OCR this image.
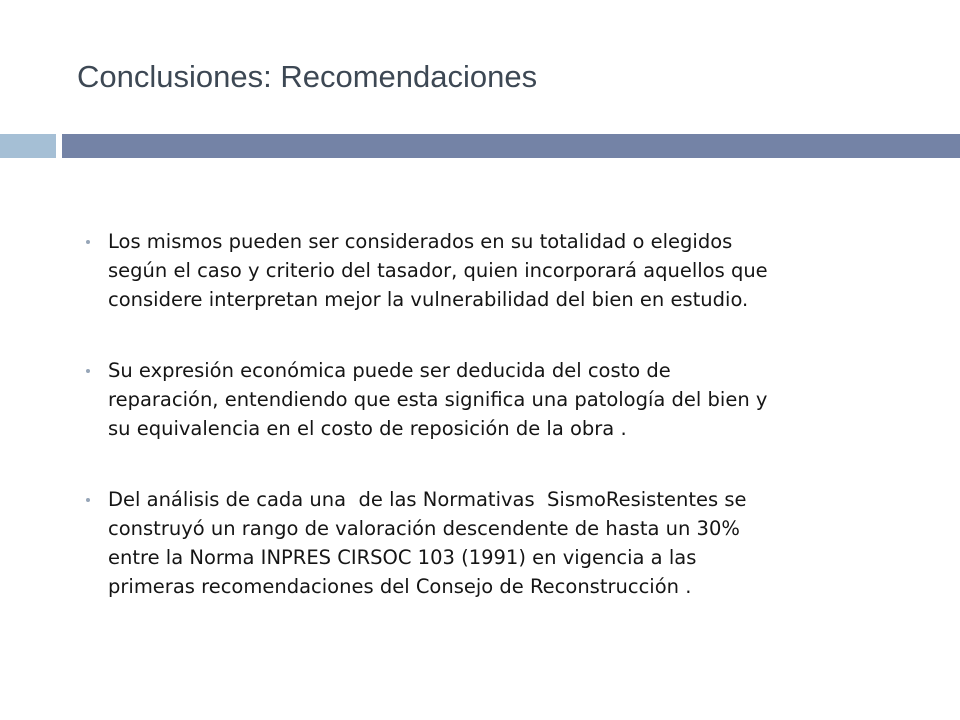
Conclusiones: Recomendaciones

Los mismos pueden ser considerados en su totalidad o elegidos
según el caso y criterio del tasador, quien incorporará aquellos que
considere interpretan mejor la vulnerabilidad del bien en estudio.

Su expresión económica puede ser deducida del costo de
reparación, entendiendo que esta significa una patología del bien y
su equivalencia en el costo de reposición de la obra .

Del análisis de cada una  de las Normativas  SismoResistentes se
construyó un rango de valoración descendente de hasta un 30%
entre la Norma INPRES CIRSOC 103 (1991) en vigencia a las
primeras recomendaciones del Consejo de Reconstrucción .
